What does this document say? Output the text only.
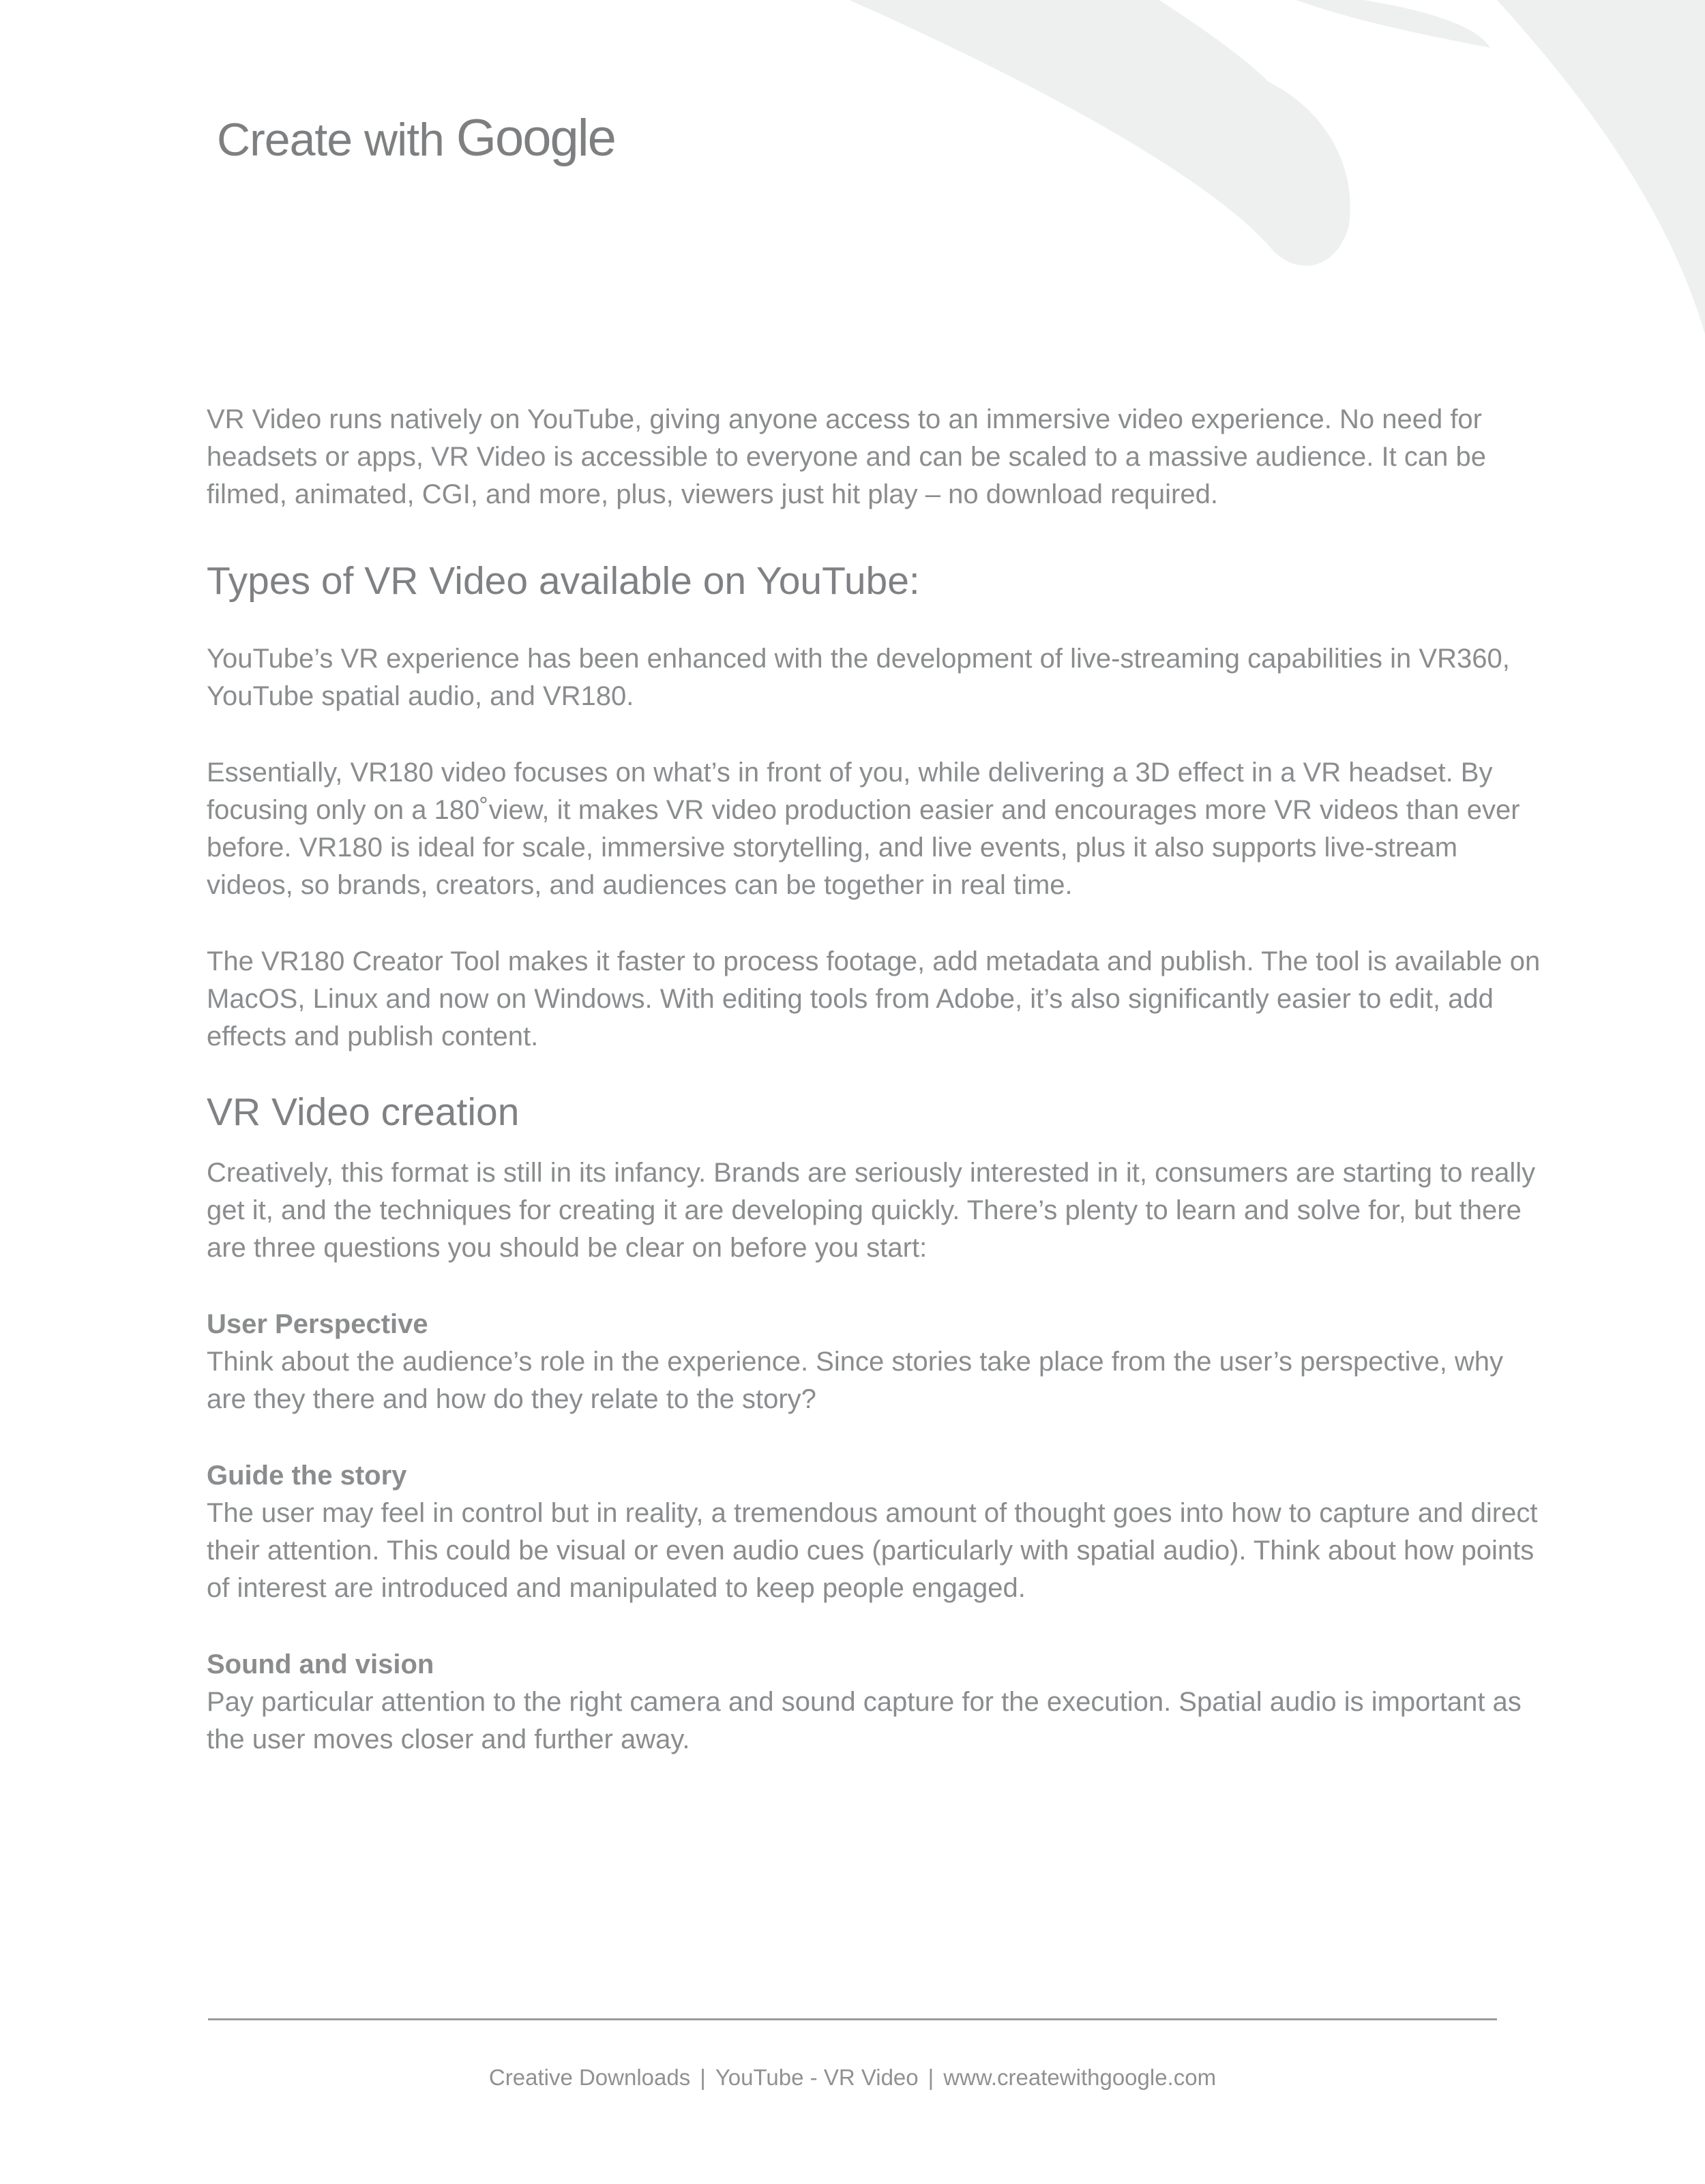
Create with Google

VR Video runs natively on YouTube, giving anyone access to an immersive video experience. No need for headsets or apps, VR Video is accessible to everyone and can be scaled to a massive audience. It can be filmed, animated, CGI, and more, plus, viewers just hit play – no download required.

Types of VR Video available on YouTube:

YouTube’s VR experience has been enhanced with the development of live-streaming capabilities in VR360, YouTube spatial audio, and VR180.

Essentially, VR180 video focuses on what’s in front of you, while delivering a 3D effect in a VR headset. By focusing only on a 180˚view, it makes VR video production easier and encourages more VR videos than ever before. VR180 is ideal for scale, immersive storytelling, and live events, plus it also supports live-stream videos, so brands, creators, and audiences can be together in real time.

The VR180 Creator Tool makes it faster to process footage, add metadata and publish. The tool is available on MacOS, Linux and now on Windows. With editing tools from Adobe, it’s also significantly easier to edit, add effects and publish content.

VR Video creation

Creatively, this format is still in its infancy. Brands are seriously interested in it, consumers are starting to really get it, and the techniques for creating it are developing quickly. There’s plenty to learn and solve for, but there are three questions you should be clear on before you start:

User Perspective

Think about the audience’s role in the experience. Since stories take place from the user’s perspective, why are they there and how do they relate to the story?

Guide the story

The user may feel in control but in reality, a tremendous amount of thought goes into how to capture and direct their attention. This could be visual or even audio cues (particularly with spatial audio). Think about how points of interest are introduced and manipulated to keep people engaged.

Sound and vision

Pay particular attention to the right camera and sound capture for the execution. Spatial audio is important as the user moves closer and further away.

Creative Downloads | YouTube - VR Video | www.createwithgoogle.com
